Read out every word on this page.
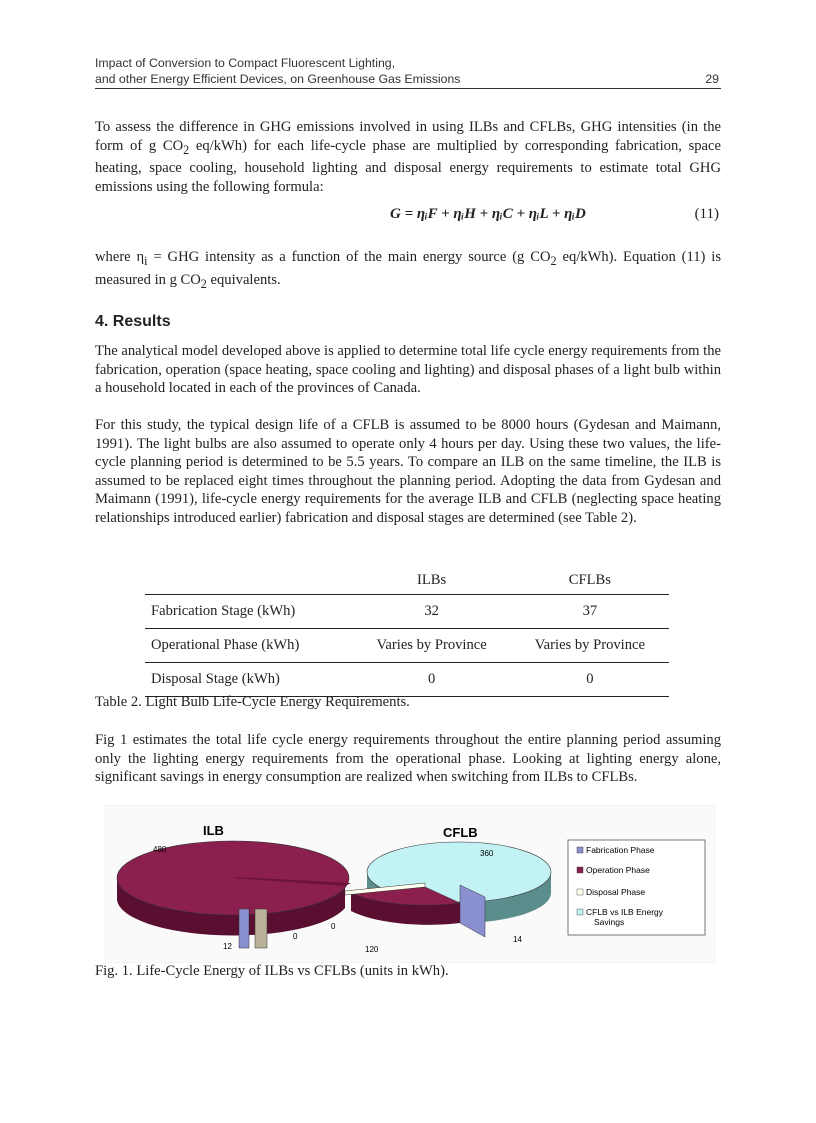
Impact of Conversion to Compact Fluorescent Lighting,
and other Energy Efficient Devices, on Greenhouse Gas Emissions	29
To assess the difference in GHG emissions involved in using ILBs and CFLBs, GHG intensities (in the form of g $CO_2$ eq/kWh) for each life-cycle phase are multiplied by corresponding fabrication, space heating, space cooling, household lighting and disposal energy requirements to estimate total GHG emissions using the following formula:
G = ηᵢF + ηᵢH + ηᵢC + ηᵢL + ηᵢD	(11)
where $\eta_i$ = GHG intensity as a function of the main energy source (g $CO_2$ eq/kWh). Equation (11) is measured in g $CO_2$ equivalents.
4. Results
The analytical model developed above is applied to determine total life cycle energy requirements from the fabrication, operation (space heating, space cooling and lighting) and disposal phases of a light bulb within a household located in each of the provinces of Canada.
For this study, the typical design life of a CFLB is assumed to be 8000 hours (Gydesan and Maimann, 1991). The light bulbs are also assumed to operate only 4 hours per day. Using these two values, the life-cycle planning period is determined to be 5.5 years. To compare an ILB on the same timeline, the ILB is assumed to be replaced eight times throughout the planning period. Adopting the data from Gydesan and Maimann (1991), life-cycle energy requirements for the average ILB and CFLB (neglecting space heating relationships introduced earlier) fabrication and disposal stages are determined (see Table 2).
	ILBs	CFLBs
Fabrication Stage (kWh)	32	37
Operational Phase (kWh)	Varies by Province	Varies by Province
Disposal Stage (kWh)	0	0
Table 2. Light Bulb Life-Cycle Energy Requirements.
Fig 1 estimates the total life cycle energy requirements throughout the entire planning period assuming only the lighting energy requirements from the operational phase. Looking at lighting energy alone, significant savings in energy consumption are realized when switching from ILBs to CFLBs.
ILB
480
12
0
CFLB
360
0
120
14
Fabrication Phase
Operation Phase
Disposal Phase
CFLB vs ILB Energy Savings
Fig. 1. Life-Cycle Energy of ILBs vs CFLBs (units in kWh).
